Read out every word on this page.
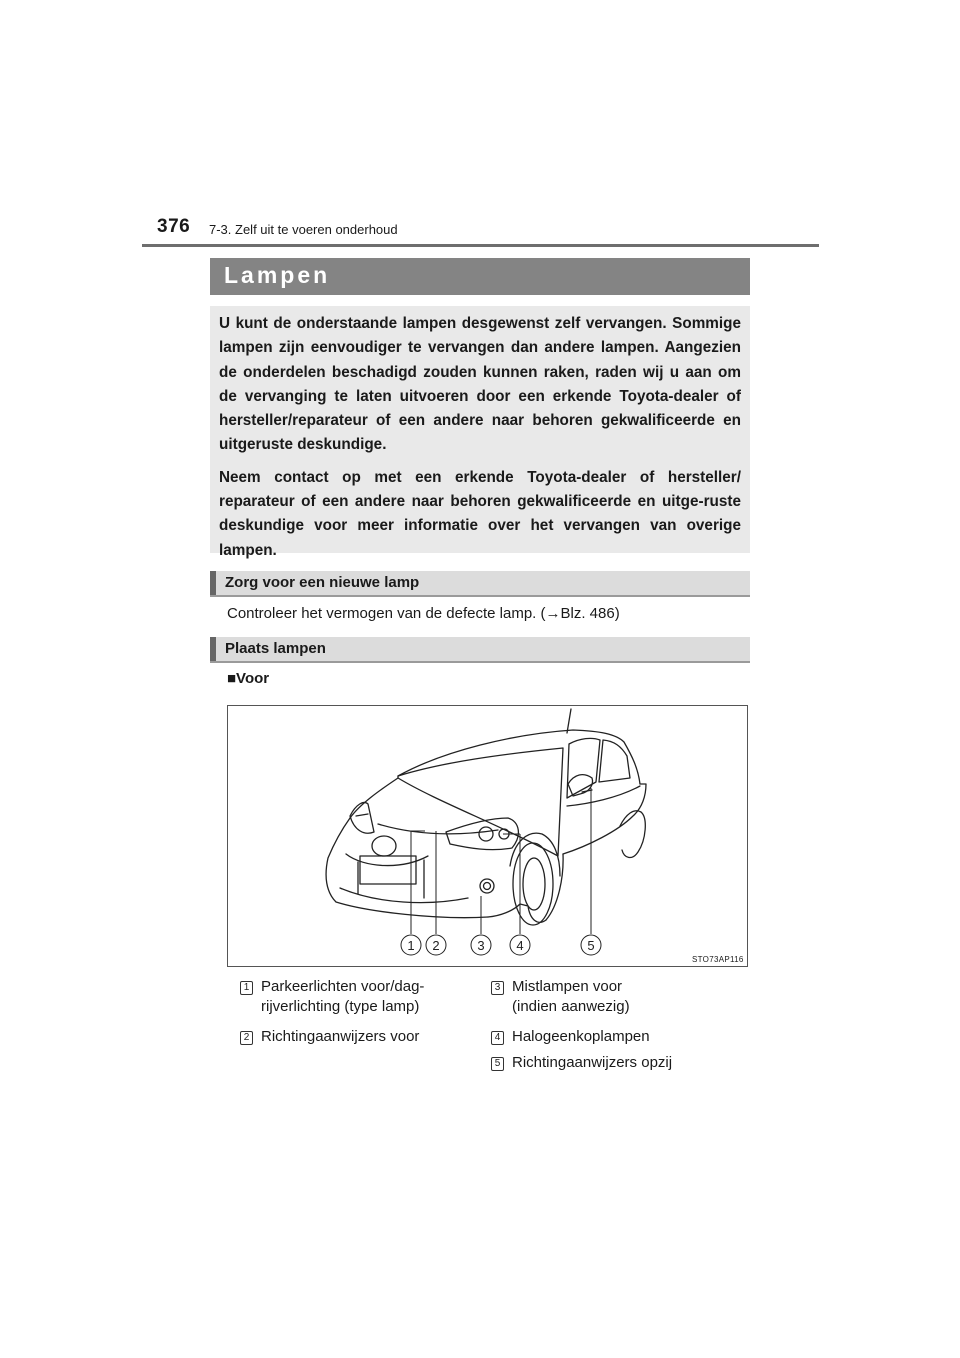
376 7-3. Zelf uit te voeren onderhoud
Lampen

U kunt de onderstaande lampen desgewenst zelf vervangen. Sommige lampen zijn eenvoudiger te vervangen dan andere lampen. Aangezien de onderdelen beschadigd zouden kunnen raken, raden wij u aan om de vervanging te laten uitvoeren door een erkende Toyota-dealer of hersteller/reparateur of een andere naar behoren gekwalificeerde en uitgeruste deskundige.

Neem contact op met een erkende Toyota-dealer of hersteller/ reparateur of een andere naar behoren gekwalificeerde en uitge-ruste deskundige voor meer informatie over het vervangen van overige lampen.

Zorg voor een nieuwe lamp
Controleer het vermogen van de defecte lamp. (→Blz. 486)
Plaats lampen
■Voor
1 2	3 4	5
STO73AP116
1 Parkeerlichten voor/dag-
rijverlichting (type lamp)
2 Richtingaanwijzers voor
3 Mistlampen voor
(indien aanwezig)
4 Halogeenkoplampen
5 Richtingaanwijzers opzij
